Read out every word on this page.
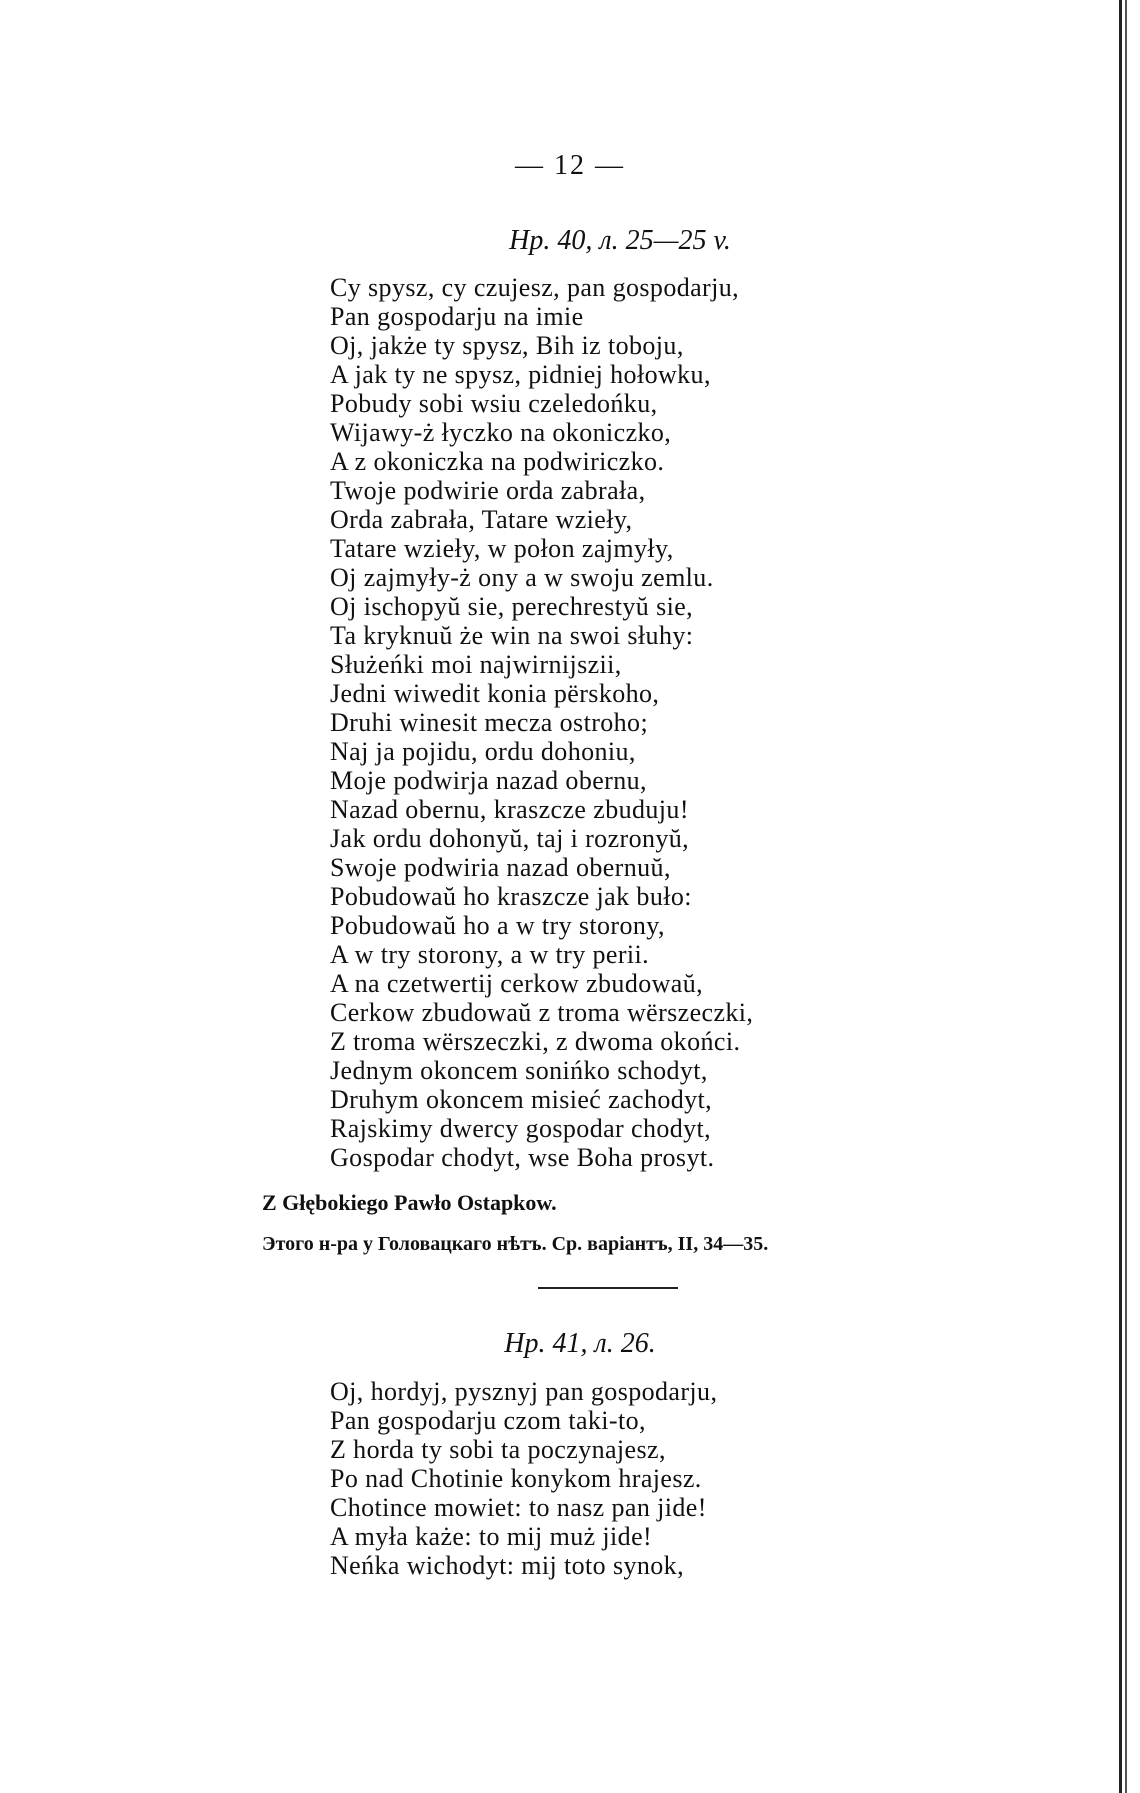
— 12 —
Hp. 40, л. 25—25 v.
Cy spysz, cy czujesz, pan gospodarju,
Pan gospodarju na imie
Oj, jakże ty spysz, Bih iz toboju,
A jak ty ne spysz, pidniej hołowku,
Pobudy sobi wsiu czeledońku,
Wijawy-ż łyczko na okoniczko,
A z okoniczka na podwiriczko.
Twoje podwirie orda zabrała,
Orda zabrała, Tatare wzieły,
Tatare wzieły, w połon zajmyły,
Oj zajmyły-ż ony a w swoju zemlu.
Oj ischopyŭ sie, perechrestyŭ sie,
Ta kryknuŭ że win na swoi słuhy:
Służeńki moi najwirnijszii,
Jedni wiwedit konia përskoho,
Druhi winesit mecza ostroho;
Naj ja pojidu, ordu dohoniu,
Moje podwirja nazad obernu,
Nazad obernu, kraszcze zbuduju!
Jak ordu dohonyŭ, taj i rozronyŭ,
Swoje podwiria nazad obernuŭ,
Pobudowaŭ ho kraszcze jak buło:
Pobudowaŭ ho a w try storony,
A w try storony, a w try perii.
A na czetwertij cerkow zbudowaŭ,
Cerkow zbudowaŭ z troma wërszeczki,
Z troma wërszeczki, z dwoma okońci.
Jednym okoncem sonińko schodyt,
Druhym okoncem misieć zachodyt,
Rajskimy dwercy gospodar chodyt,
Gospodar chodyt, wse Boha prosyt.
Z Głębokiego Pawło Ostapkow.
Этого н-ра у Головацкаго нѣтъ. Ср. варіантъ, II, 34—35.
Hp. 41, л. 26.
Oj, hordyj, pysznyj pan gospodarju,
Pan gospodarju czom taki-to,
Z horda ty sobi ta poczynajesz,
Po nad Chotinie konykom hrajesz.
Chotince mowiet: to nasz pan jide!
A myła każe: to mij muż jide!
Neńka wichodyt: mij toto synok,
